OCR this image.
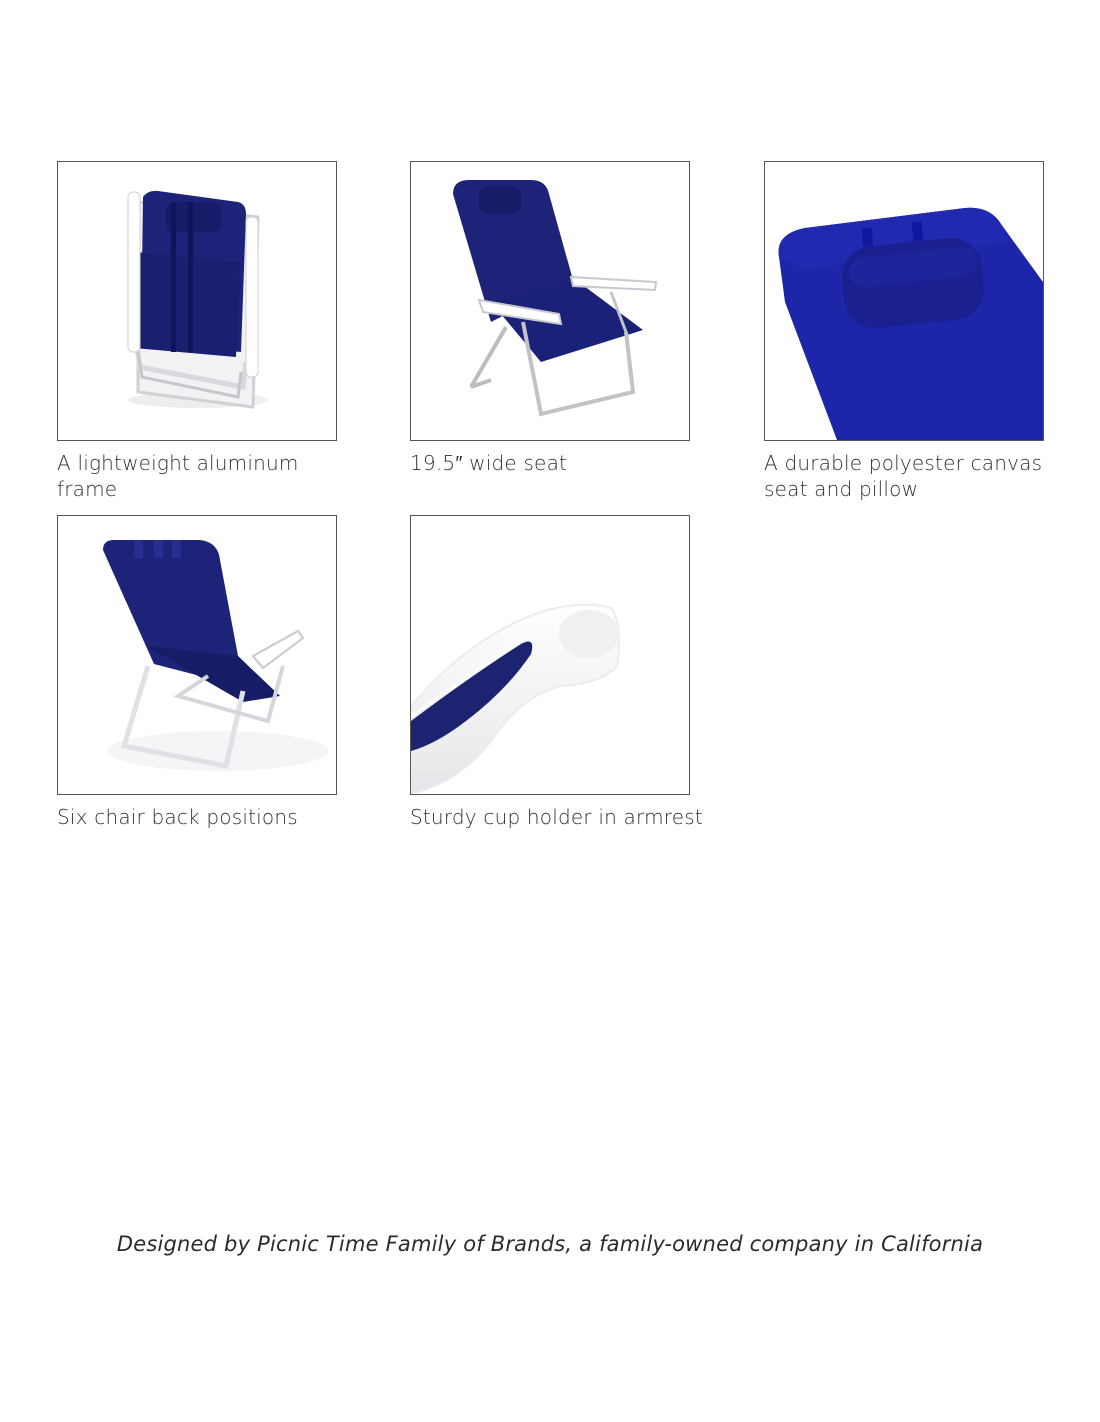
A lightweight aluminum frame
19.5″ wide seat	A durable polyester canvas seat and pillow
Six chair back positions	Sturdy cup holder in armrest
Designed by Picnic Time Family of Brands, a family-owned company in California
